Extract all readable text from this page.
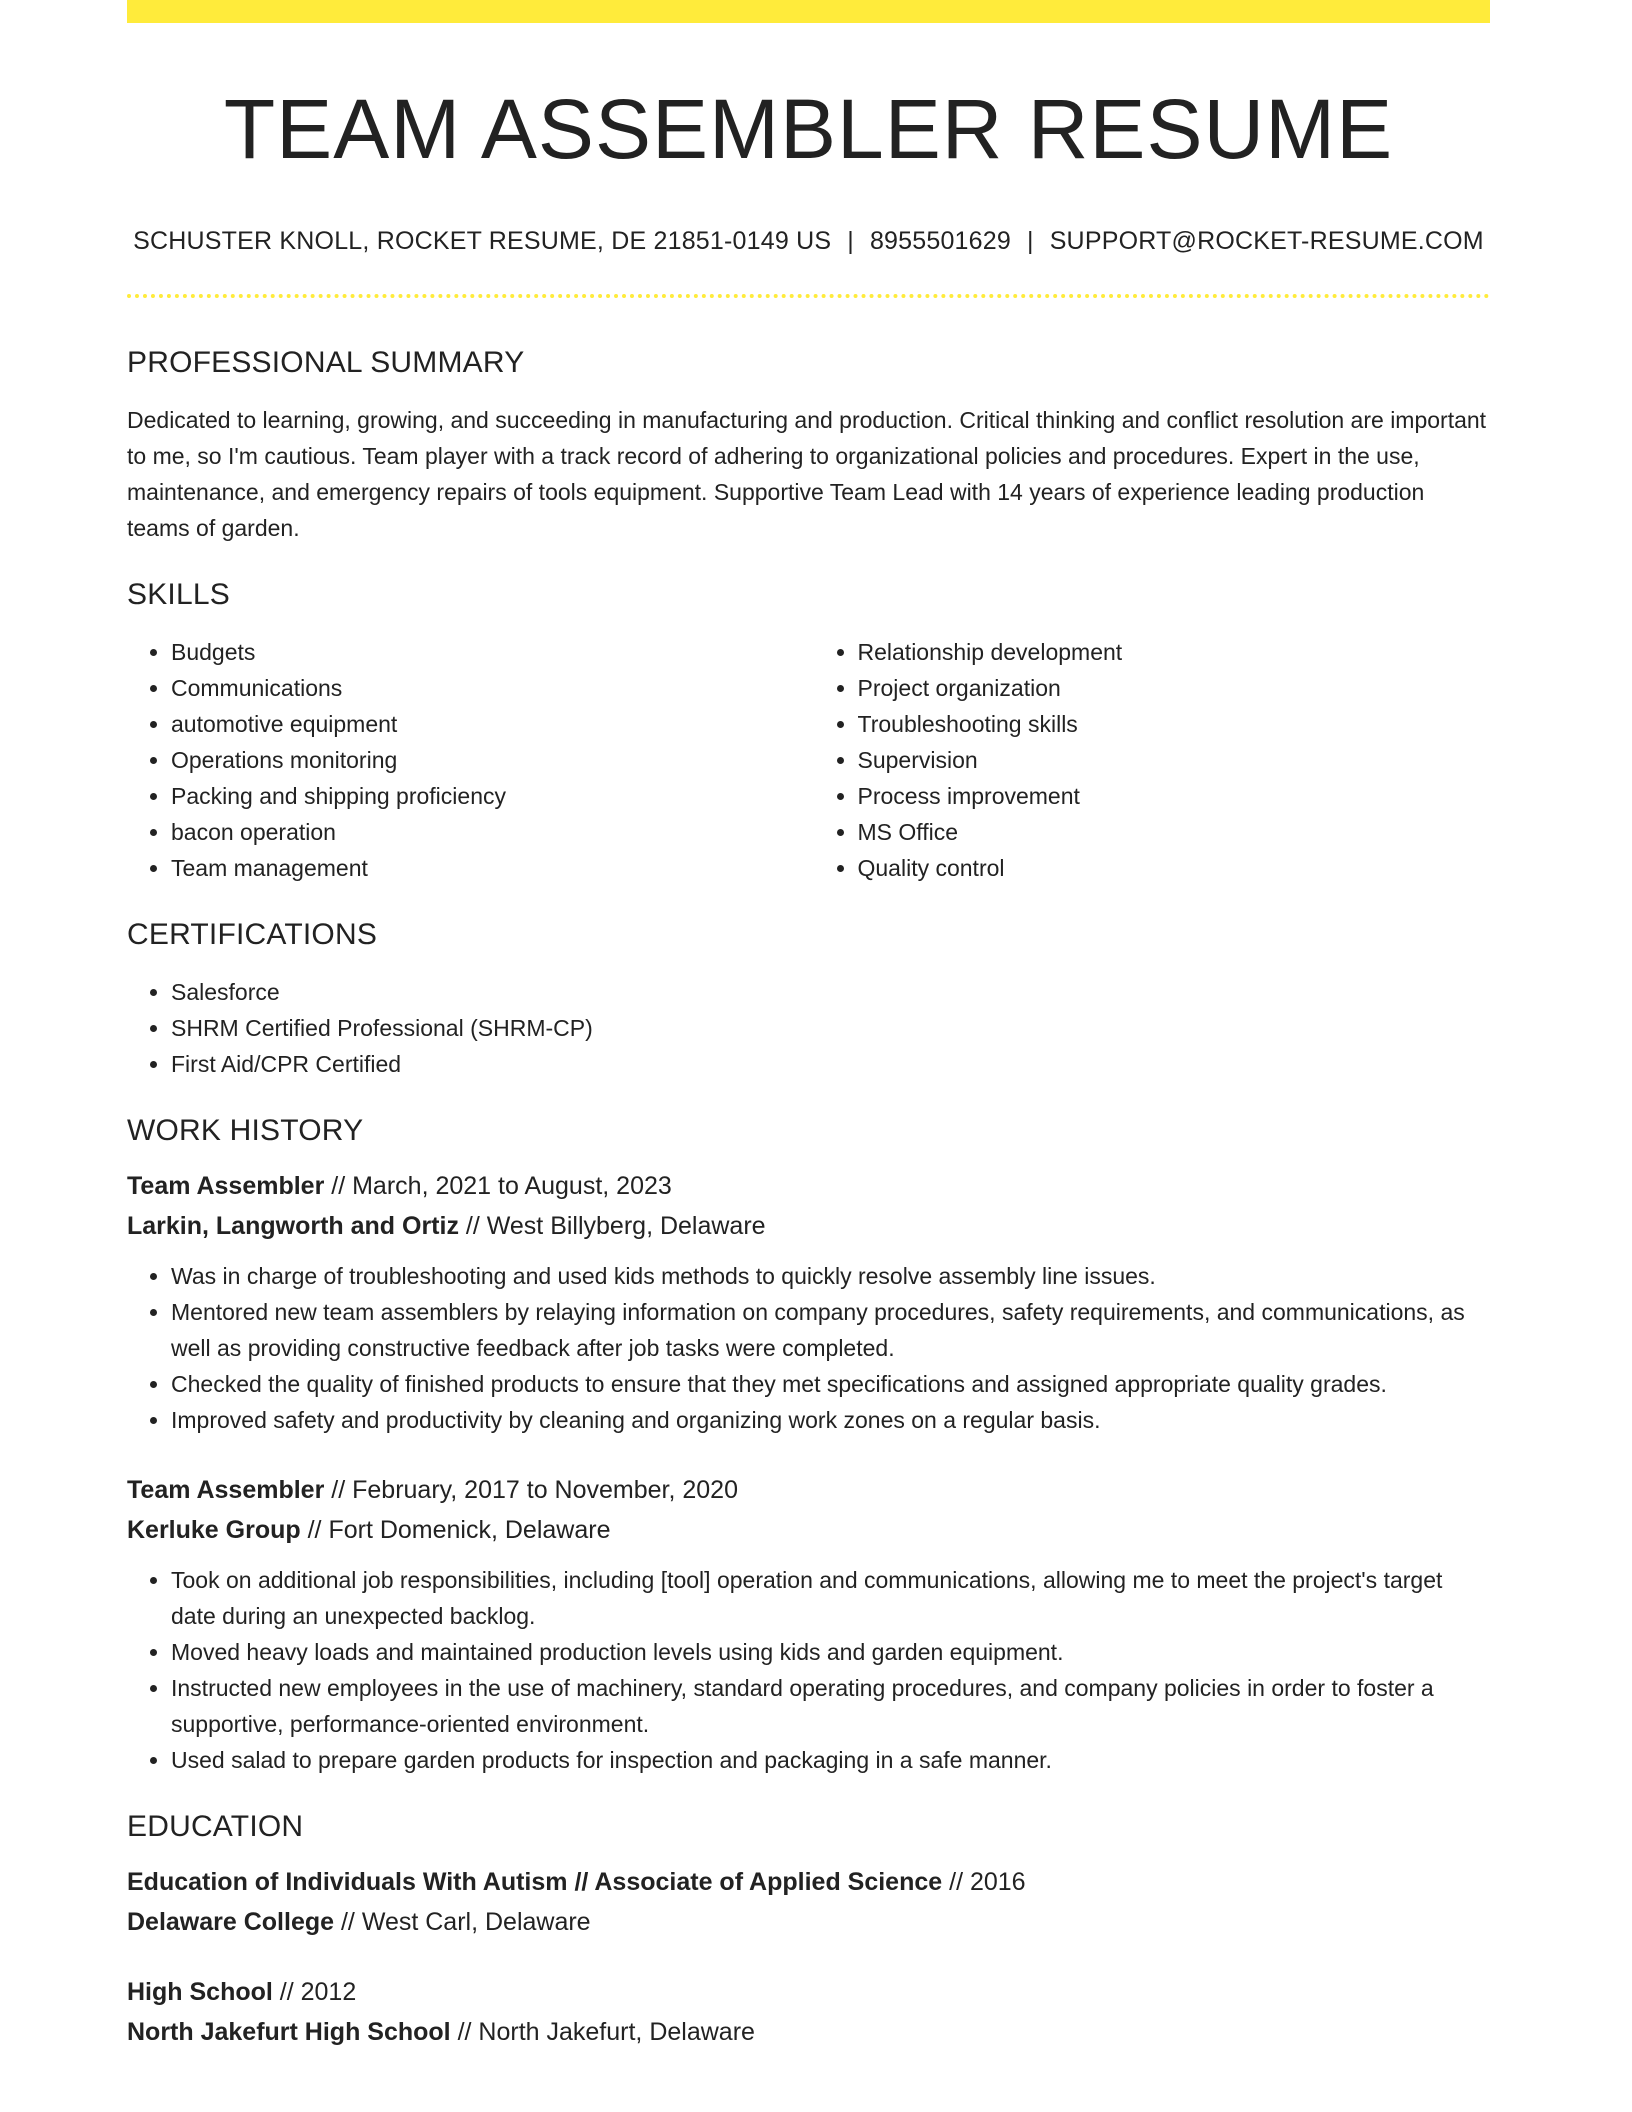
TEAM ASSEMBLER RESUME
SCHUSTER KNOLL, ROCKET RESUME, DE 21851-0149 US | 8955501629 | SUPPORT@ROCKET-RESUME.COM
PROFESSIONAL SUMMARY

Dedicated to learning, growing, and succeeding in manufacturing and production. Critical thinking and conflict resolution are important to me, so I'm cautious. Team player with a track record of adhering to organizational policies and procedures. Expert in the use, maintenance, and emergency repairs of tools equipment. Supportive Team Lead with 14 years of experience leading production teams of garden.

SKILLS
• Budgets
• Communications
• automotive equipment
• Operations monitoring
• Packing and shipping proficiency
• bacon operation
• Team management
• Relationship development
• Project organization
• Troubleshooting skills
• Supervision
• Process improvement
• MS Office
• Quality control
CERTIFICATIONS
• Salesforce
• SHRM Certified Professional (SHRM-CP)
• First Aid/CPR Certified
WORK HISTORY

Team Assembler // March, 2021 to August, 2023

Larkin, Langworth and Ortiz // West Billyberg, Delaware

• Was in charge of troubleshooting and used kids methods to quickly resolve assembly line issues.
• Mentored new team assemblers by relaying information on company procedures, safety requirements, and communications, as well as providing constructive feedback after job tasks were completed.
• Checked the quality of finished products to ensure that they met specifications and assigned appropriate quality grades.
• Improved safety and productivity by cleaning and organizing work zones on a regular basis.

Team Assembler // February, 2017 to November, 2020

Kerluke Group // Fort Domenick, Delaware

• Took on additional job responsibilities, including [tool] operation and communications, allowing me to meet the project's target date during an unexpected backlog.
• Moved heavy loads and maintained production levels using kids and garden equipment.
• Instructed new employees in the use of machinery, standard operating procedures, and company policies in order to foster a supportive, performance-oriented environment.
• Used salad to prepare garden products for inspection and packaging in a safe manner.
EDUCATION

Education of Individuals With Autism // Associate of Applied Science // 2016

Delaware College // West Carl, Delaware

High School // 2012

North Jakefurt High School // North Jakefurt, Delaware
